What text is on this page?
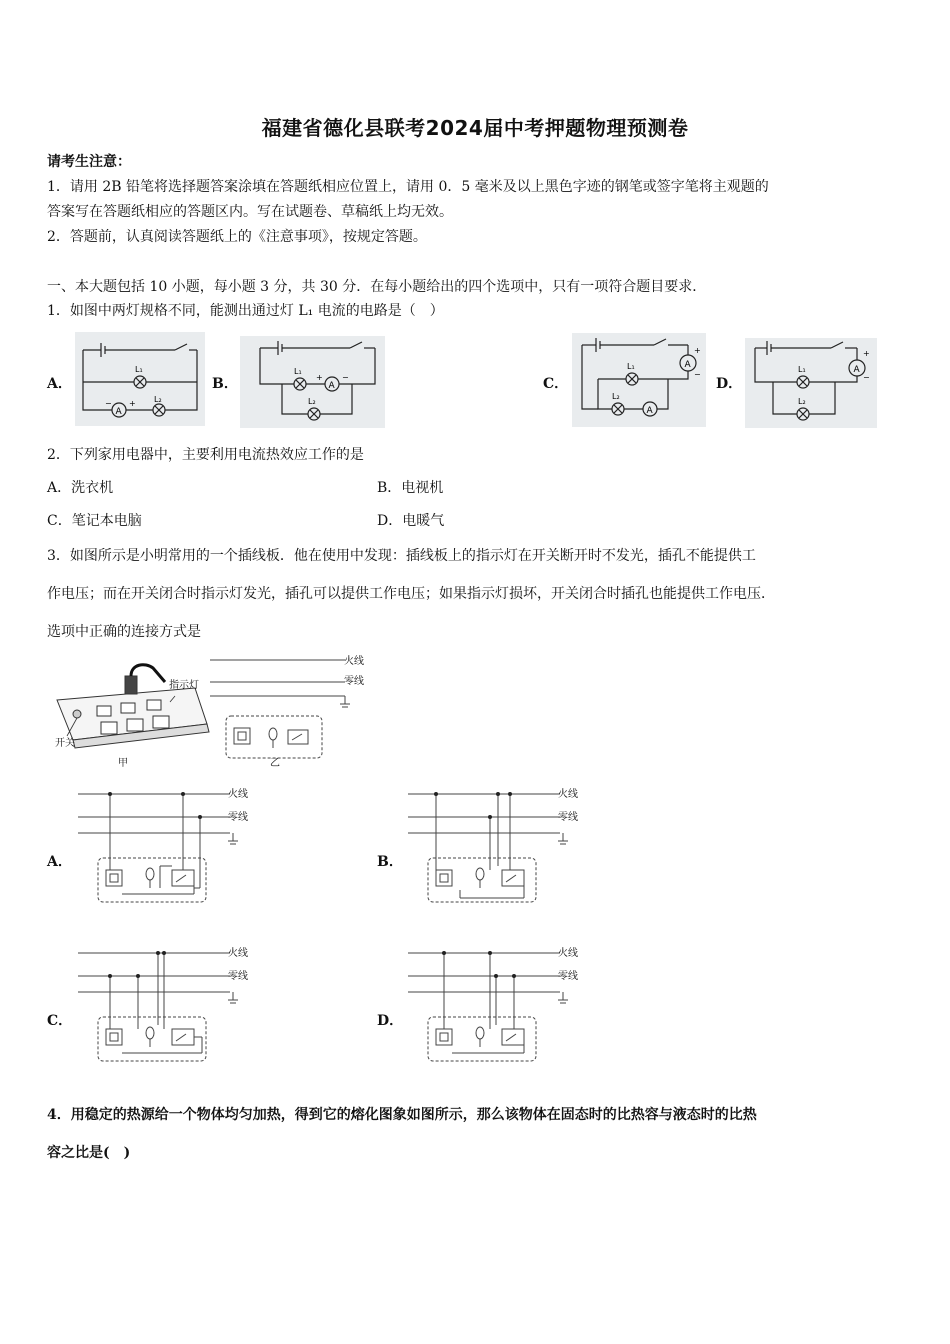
福建省德化县联考2024届中考押题物理预测卷
请考生注意：
1．请用 2B 铅笔将选择题答案涂填在答题纸相应位置上，请用 0．5 毫米及以上黑色字迹的钢笔或签字笔将主观题的
答案写在答题纸相应的答题区内。写在试题卷、草稿纸上均无效。
2．答题前，认真阅读答题纸上的《注意事项》，按规定答题。
一、本大题包括 10 小题，每小题 3 分，共 30 分．在每小题给出的四个选项中，只有一项符合题目要求．
1．如图中两灯规格不同，能测出通过灯 L₁ 电流的电路是（　）
A．	B．	C．	D．
A
L₁
L₂
− +
A
L₁
L₂
+ −
A
A
L₁
L₂
+
−	A
L₁
L₂
+
−
2．下列家用电器中，主要利用电流热效应工作的是
A．洗衣机	B．电视机
C．笔记本电脑	D．电暖气
3．如图所示是小明常用的一个插线板．他在使用中发现：插线板上的指示灯在开关断开时不发光，插孔不能提供工
作电压；而在开关闭合时指示灯发光，插孔可以提供工作电压；如果指示灯损坏，开关闭合时插孔也能提供工作电压．
选项中正确的连接方式是
指示灯
开关
甲
火线
零线
乙
A．	B．
C．	D．
火线
零线
火线
零线
火线
零线
火线
零线
4．用稳定的热源给一个物体均匀加热，得到它的熔化图象如图所示，那么该物体在固态时的比热容与液态时的比热
容之比是(　)
